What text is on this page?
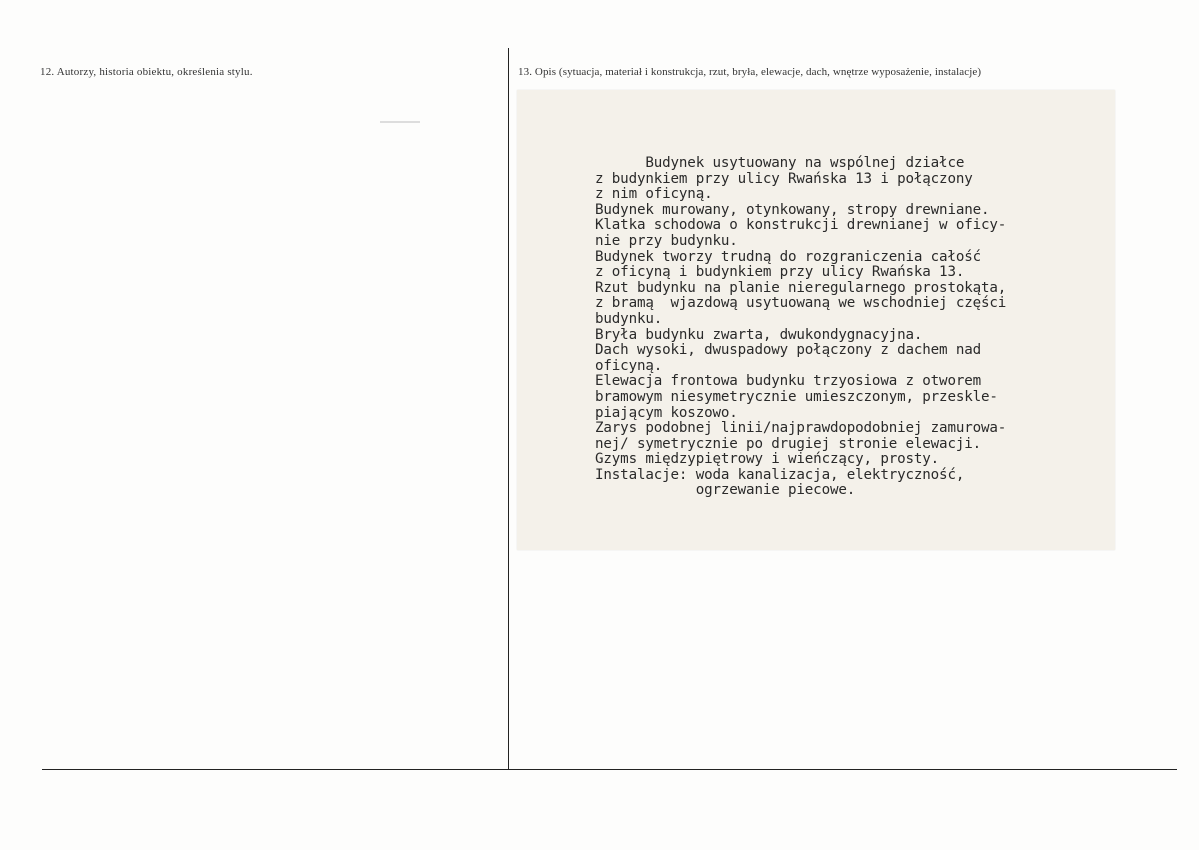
12. Autorzy, historia obiektu, określenia stylu.	13. Opis (sytuacja, materiał i konstrukcja, rzut, bryła, elewacje, dach, wnętrze wyposażenie, instalacje)
Budynek usytuowany na wspólnej działce
z budynkiem przy ulicy Rwańska 13 i połączony
z nim oficyną.
Budynek murowany, otynkowany, stropy drewniane.
Klatka schodowa o konstrukcji drewnianej w oficy-
nie przy budynku.
Budynek tworzy trudną do rozgraniczenia całość
z oficyną i budynkiem przy ulicy Rwańska 13.
Rzut budynku na planie nieregularnego prostokąta,
z bramą  wjazdową usytuowaną we wschodniej części
budynku.
Bryła budynku zwarta, dwukondygnacyjna.
Dach wysoki, dwuspadowy połączony z dachem nad
oficyną.
Elewacja frontowa budynku trzyosiowa z otworem
bramowym niesymetrycznie umieszczonym, przeskle-
piającym koszowo.
Zarys podobnej linii/najprawdopodobniej zamurowa-
nej/ symetrycznie po drugiej stronie elewacji.
Gzyms międzypiętrowy i wieńczący, prosty.
Instalacje: woda kanalizacja, elektryczność,
ogrzewanie piecowe.
